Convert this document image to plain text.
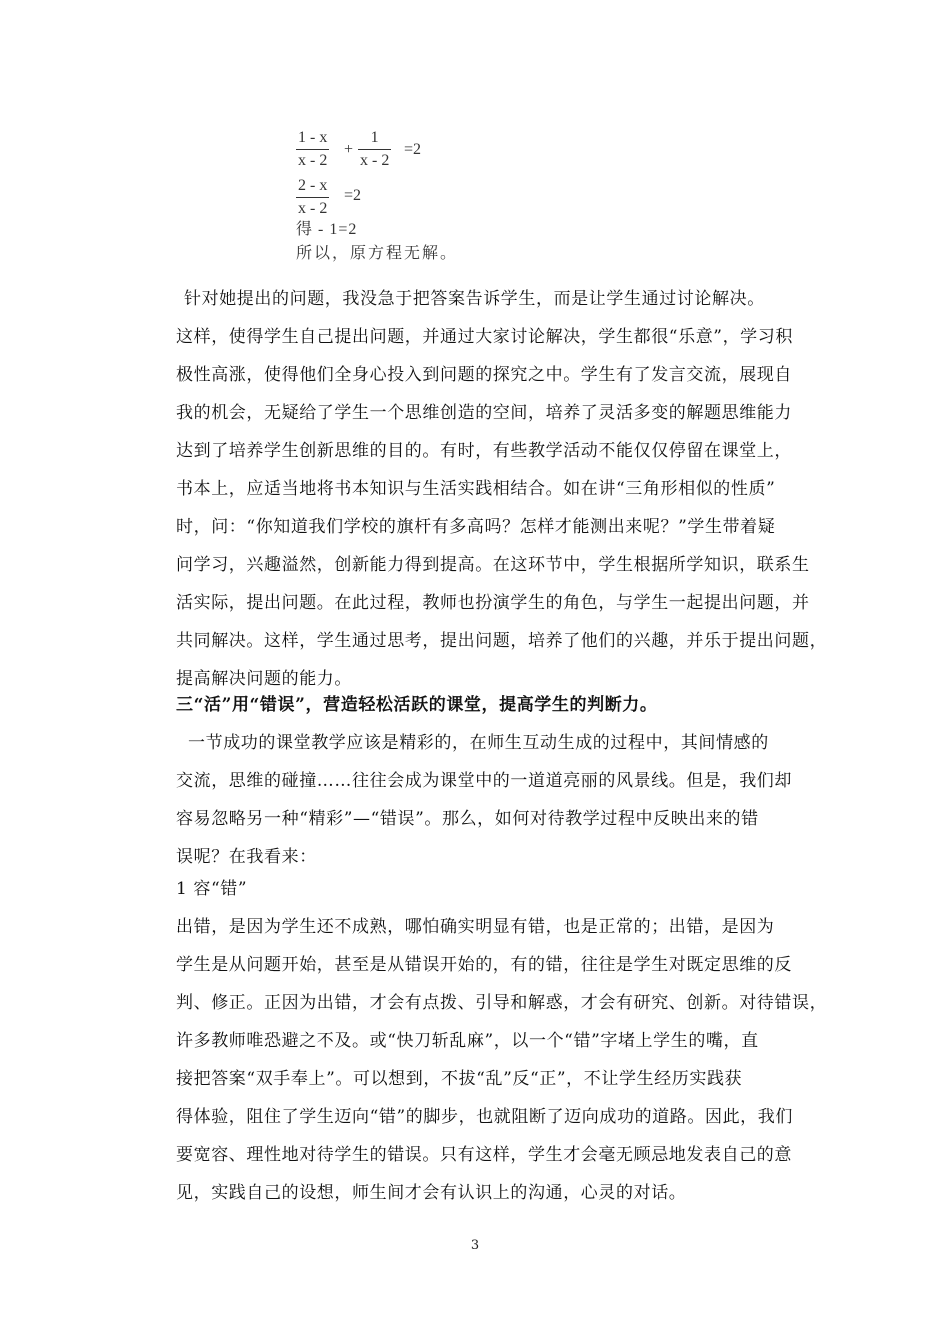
1 - x
x - 2
+
1
x - 2
=2
2 - x
x - 2
=2
得 - 1=2
所以，原方程无解。
针对她提出的问题，我没急于把答案告诉学生，而是让学生通过讨论解决。
这样，使得学生自己提出问题，并通过大家讨论解决，学生都很“乐意”，学习积
极性高涨，使得他们全身心投入到问题的探究之中。学生有了发言交流，展现自
我的机会，无疑给了学生一个思维创造的空间，培养了灵活多变的解题思维能力
达到了培养学生创新思维的目的。有时，有些教学活动不能仅仅停留在课堂上，
书本上，应适当地将书本知识与生活实践相结合。如在讲“三角形相似的性质”
时，问：“你知道我们学校的旗杆有多高吗？怎样才能测出来呢？”学生带着疑
问学习，兴趣溢然，创新能力得到提高。在这环节中，学生根据所学知识，联系生
活实际，提出问题。在此过程，教师也扮演学生的角色，与学生一起提出问题，并
共同解决。这样，学生通过思考，提出问题，培养了他们的兴趣，并乐于提出问题，
提高解决问题的能力。
三“活”用“错误”，营造轻松活跃的课堂，提高学生的判断力。
一节成功的课堂教学应该是精彩的，在师生互动生成的过程中，其间情感的
交流，思维的碰撞……往往会成为课堂中的一道道亮丽的风景线。但是，我们却
容易忽略另一种“精彩”—“错误”。那么，如何对待教学过程中反映出来的错
误呢？在我看来：
1 容“错”
出错，是因为学生还不成熟，哪怕确实明显有错，也是正常的；出错，是因为
学生是从问题开始，甚至是从错误开始的，有的错，往往是学生对既定思维的反
判、修正。正因为出错，才会有点拨、引导和解惑，才会有研究、创新。对待错误，
许多教师唯恐避之不及。或“快刀斩乱麻”，以一个“错”字堵上学生的嘴，直
接把答案“双手奉上”。可以想到，不拔“乱”反“正”，不让学生经历实践获
得体验，阻住了学生迈向“错”的脚步，也就阻断了迈向成功的道路。因此，我们
要宽容、理性地对待学生的错误。只有这样，学生才会毫无顾忌地发表自己的意
见，实践自己的设想，师生间才会有认识上的沟通，心灵的对话。
3
